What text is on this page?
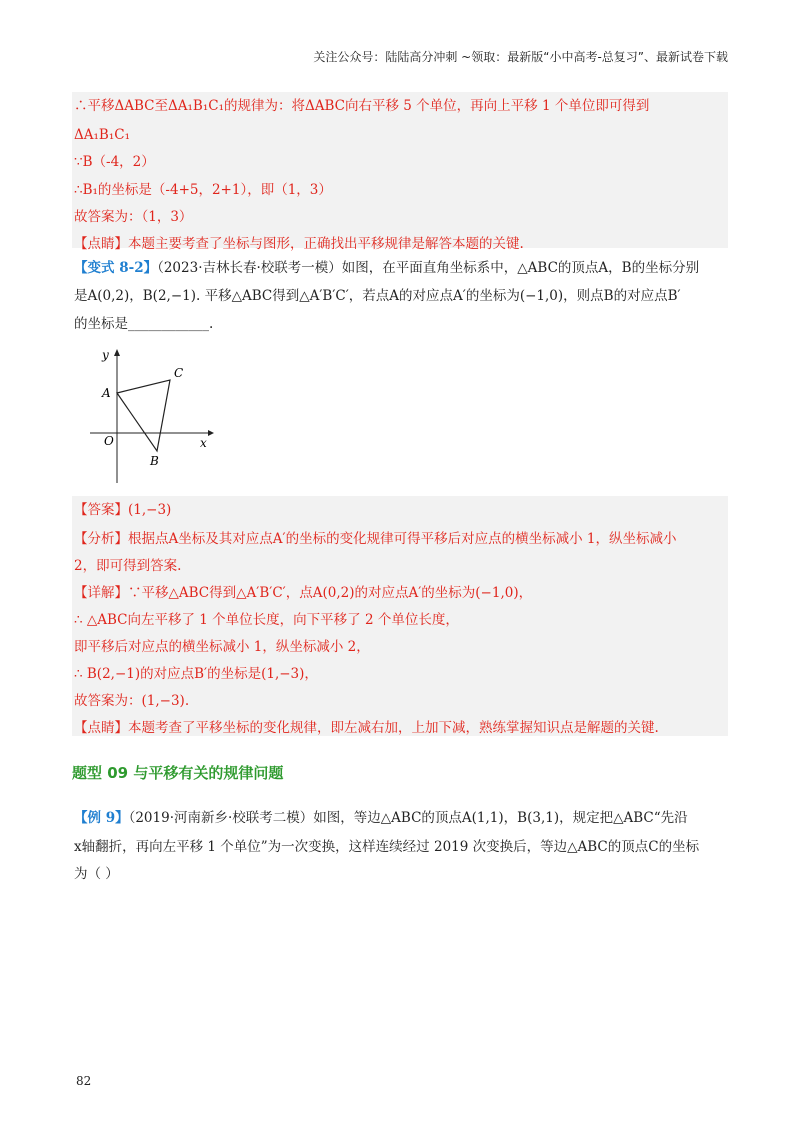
关注公众号：陆陆高分冲刺 ~领取：最新版“小中高考-总复习”、最新试卷下载
∴平移ΔABC至ΔA₁B₁C₁的规律为：将ΔABC向右平移 5 个单位，再向上平移 1 个单位即可得到
ΔA₁B₁C₁
∵B（-4，2）
∴B₁的坐标是（-4+5，2+1），即（1，3）
故答案为：（1，3）
【点睛】本题主要考查了坐标与图形，正确找出平移规律是解答本题的关键.
【变式 8-2】（2023·吉林长春·校联考一模）如图，在平面直角坐标系中，△ABC的顶点A，B的坐标分别
是A(0,2)，B(2,−1). 平移△ABC得到△A′B′C′，若点A的对应点A′的坐标为(−1,0)，则点B的对应点B′
的坐标是____________.
y
x
O
A
B
C
【答案】(1,−3)
【分析】根据点A坐标及其对应点A′的坐标的变化规律可得平移后对应点的横坐标减小 1，纵坐标减小
2，即可得到答案.
【详解】∵平移△ABC得到△A′B′C′，点A(0,2)的对应点A′的坐标为(−1,0)，
∴ △ABC向左平移了 1 个单位长度，向下平移了 2 个单位长度，
即平移后对应点的横坐标减小 1，纵坐标减小 2，
∴ B(2,−1)的对应点B′的坐标是(1,−3)，
故答案为：(1,−3).
【点睛】本题考查了平移坐标的变化规律，即左减右加，上加下减，熟练掌握知识点是解题的关键.
题型 09 与平移有关的规律问题
【例 9】（2019·河南新乡·校联考二模）如图，等边△ABC的顶点A(1,1)，B(3,1)，规定把△ABC“先沿
x轴翻折，再向左平移 1 个单位”为一次变换，这样连续经过 2019 次变换后，等边△ABC的顶点C的坐标
为（ ）
82
